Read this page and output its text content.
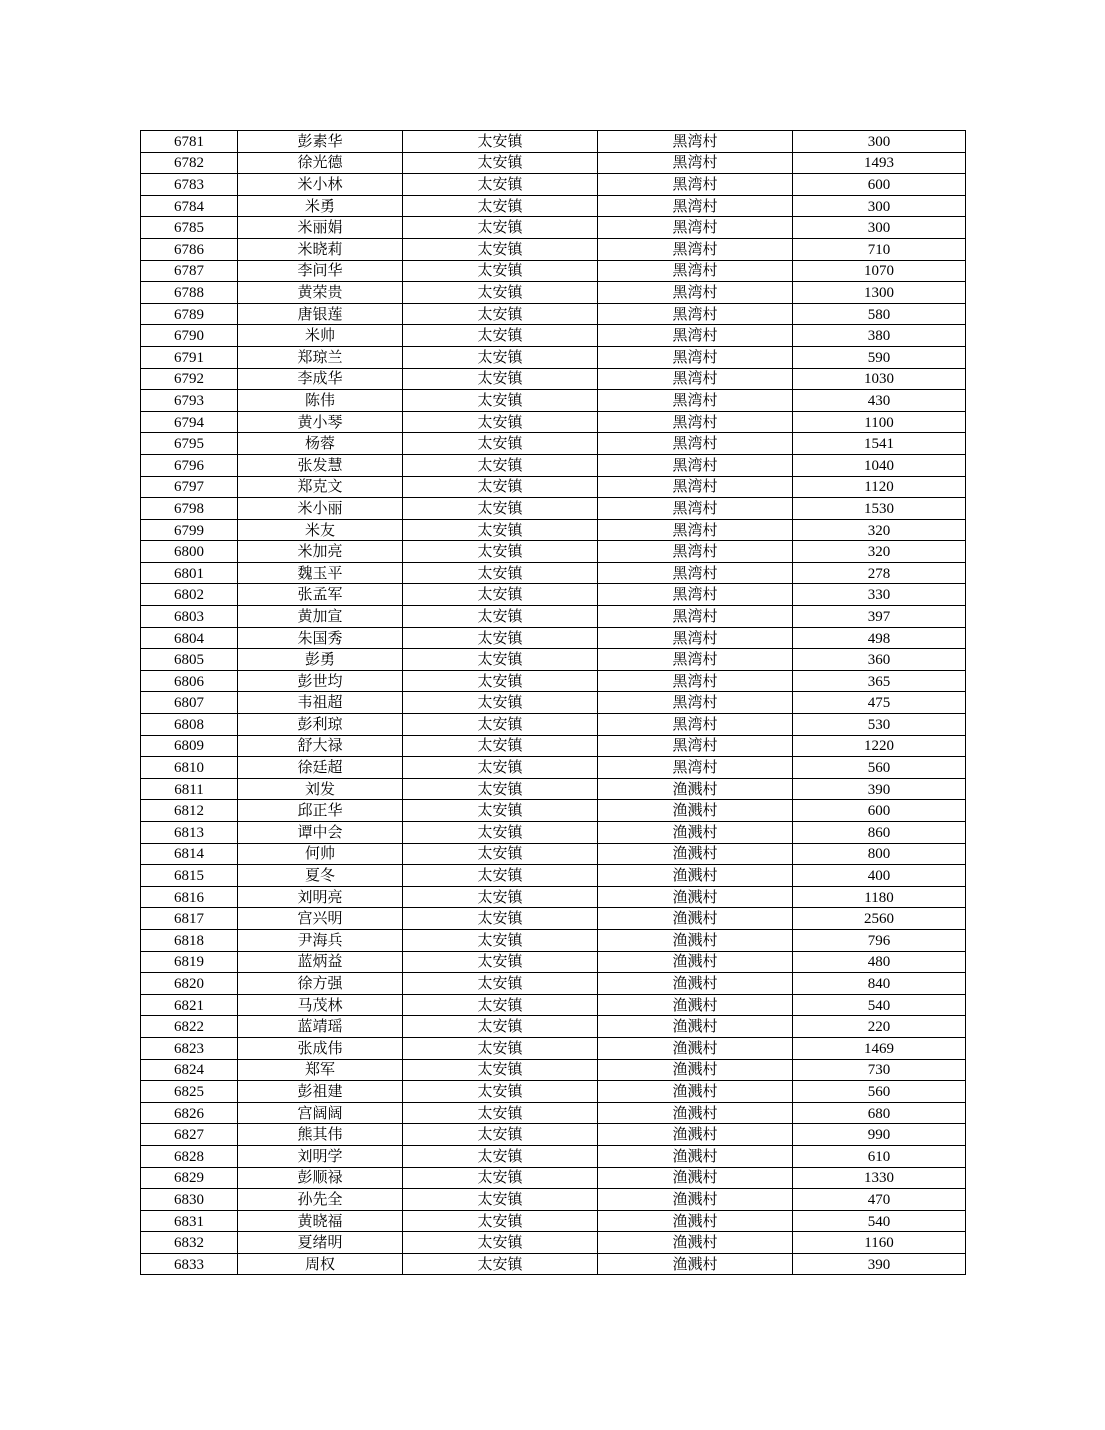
6781	彭素华	太安镇	黑湾村	300
6782	徐光德	太安镇	黑湾村	1493
6783	米小林	太安镇	黑湾村	600
6784	米勇	太安镇	黑湾村	300
6785	米丽娟	太安镇	黑湾村	300
6786	米晓莉	太安镇	黑湾村	710
6787	李问华	太安镇	黑湾村	1070
6788	黄荣贵	太安镇	黑湾村	1300
6789	唐银莲	太安镇	黑湾村	580
6790	米帅	太安镇	黑湾村	380
6791	郑琼兰	太安镇	黑湾村	590
6792	李成华	太安镇	黑湾村	1030
6793	陈伟	太安镇	黑湾村	430
6794	黄小琴	太安镇	黑湾村	1100
6795	杨蓉	太安镇	黑湾村	1541
6796	张发慧	太安镇	黑湾村	1040
6797	郑克文	太安镇	黑湾村	1120
6798	米小丽	太安镇	黑湾村	1530
6799	米友	太安镇	黑湾村	320
6800	米加亮	太安镇	黑湾村	320
6801	魏玉平	太安镇	黑湾村	278
6802	张孟军	太安镇	黑湾村	330
6803	黄加宣	太安镇	黑湾村	397
6804	朱国秀	太安镇	黑湾村	498
6805	彭勇	太安镇	黑湾村	360
6806	彭世均	太安镇	黑湾村	365
6807	韦祖超	太安镇	黑湾村	475
6808	彭利琼	太安镇	黑湾村	530
6809	舒大禄	太安镇	黑湾村	1220
6810	徐廷超	太安镇	黑湾村	560
6811	刘发	太安镇	渔溅村	390
6812	邱正华	太安镇	渔溅村	600
6813	谭中会	太安镇	渔溅村	860
6814	何帅	太安镇	渔溅村	800
6815	夏冬	太安镇	渔溅村	400
6816	刘明亮	太安镇	渔溅村	1180
6817	宫兴明	太安镇	渔溅村	2560
6818	尹海兵	太安镇	渔溅村	796
6819	蓝炳益	太安镇	渔溅村	480
6820	徐方强	太安镇	渔溅村	840
6821	马茂林	太安镇	渔溅村	540
6822	蓝靖瑶	太安镇	渔溅村	220
6823	张成伟	太安镇	渔溅村	1469
6824	郑军	太安镇	渔溅村	730
6825	彭祖建	太安镇	渔溅村	560
6826	宫阔阔	太安镇	渔溅村	680
6827	熊其伟	太安镇	渔溅村	990
6828	刘明学	太安镇	渔溅村	610
6829	彭顺禄	太安镇	渔溅村	1330
6830	孙先全	太安镇	渔溅村	470
6831	黄晓福	太安镇	渔溅村	540
6832	夏绪明	太安镇	渔溅村	1160
6833	周权	太安镇	渔溅村	390
